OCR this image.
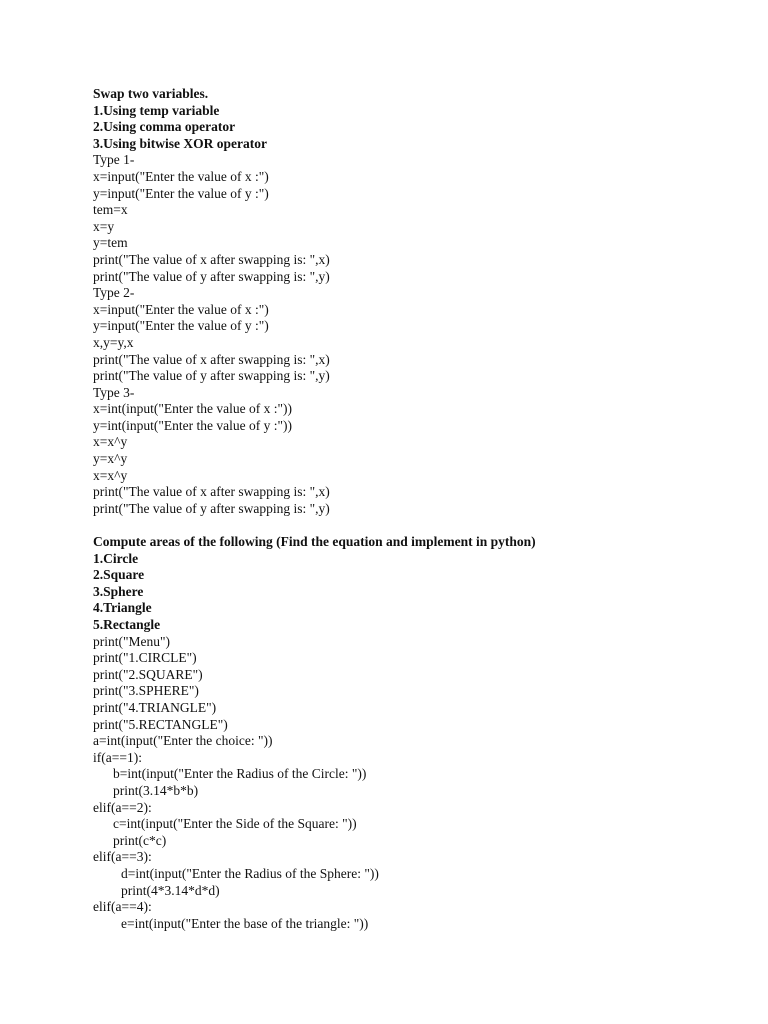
Swap two variables.
1.Using temp variable
2.Using comma operator
3.Using bitwise XOR operator
Type 1-
x=input("Enter the value of x :")
y=input("Enter the value of y :")
tem=x
x=y
y=tem
print("The value of x after swapping is: ",x)
print("The value of y after swapping is: ",y)
Type 2-
x=input("Enter the value of x :")
y=input("Enter the value of y :")
x,y=y,x
print("The value of x after swapping is: ",x)
print("The value of y after swapping is: ",y)
Type 3-
x=int(input("Enter the value of x :"))
y=int(input("Enter the value of y :"))
x=x^y
y=x^y
x=x^y
print("The value of x after swapping is: ",x)
print("The value of y after swapping is: ",y)
Compute areas of the following (Find the equation and implement in python)
1.Circle
2.Square
3.Sphere
4.Triangle
5.Rectangle
print("Menu")
print("1.CIRCLE")
print("2.SQUARE")
print("3.SPHERE")
print("4.TRIANGLE")
print("5.RECTANGLE")
a=int(input("Enter the choice: "))
if(a==1):
b=int(input("Enter the Radius of the Circle: "))
print(3.14*b*b)
elif(a==2):
c=int(input("Enter the Side of the Square: "))
print(c*c)
elif(a==3):
d=int(input("Enter the Radius of the Sphere: "))
print(4*3.14*d*d)
elif(a==4):
e=int(input("Enter the base of the triangle: "))
